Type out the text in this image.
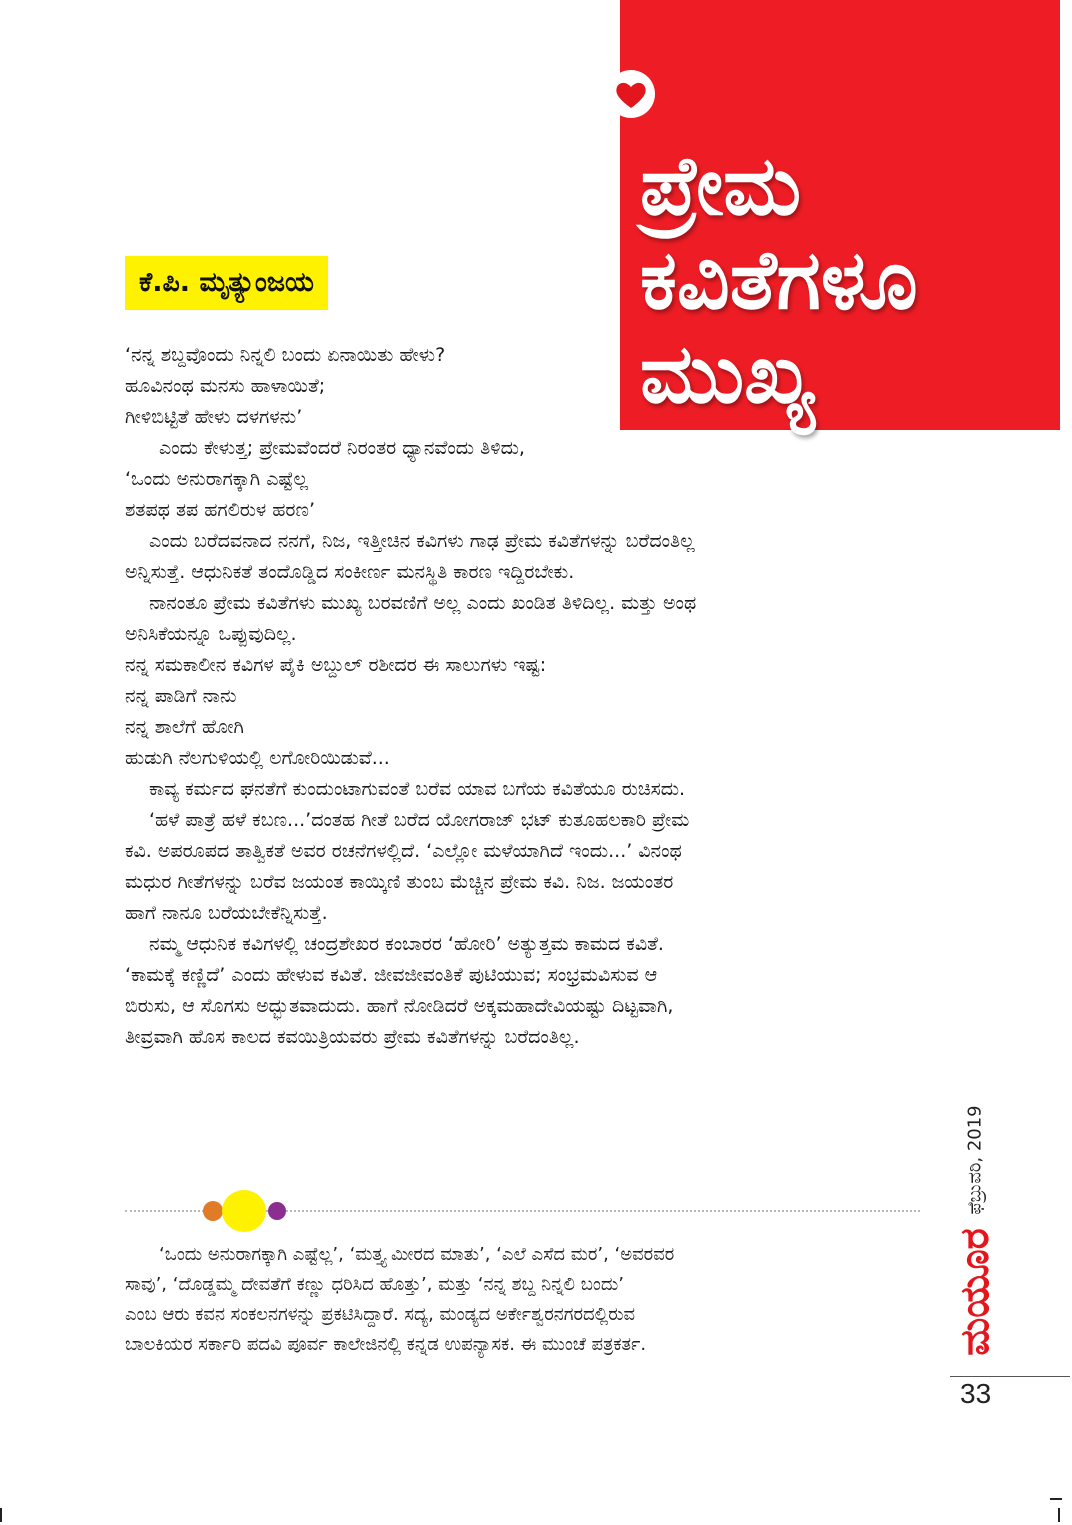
ಪ್ರೇಮ
ಕವಿತೆಗಳೂ
ಮುಖ್ಯ
ಕೆ.ಪಿ. ಮೃತ್ಯುಂಜಯ
‘ನನ್ನ ಶಬ್ದವೊಂದು ನಿನ್ನಲಿ ಬಂದು ಏನಾಯಿತು ಹೇಳು?
ಹೂವಿನಂಥ ಮನಸು ಹಾಳಾಯಿತೆ;
ಗೀಳಿಬಿಟ್ಟಿತೆ ಹೇಳು ದಳಗಳನು’
ಎಂದು ಕೇಳುತ್ತ; ಪ್ರೇಮವೆಂದರೆ ನಿರಂತರ ಧ್ಯಾನವೆಂದು ತಿಳಿದು,
‘ಒಂದು ಅನುರಾಗಕ್ಕಾಗಿ ಎಷ್ಟೆಲ್ಲ
ಶತಪಥ ತಪ ಹಗಲಿರುಳ ಹರಣ’
ಎಂದು ಬರೆದವನಾದ ನನಗೆ, ನಿಜ, ಇತ್ತೀಚಿನ ಕವಿಗಳು ಗಾಢ ಪ್ರೇಮ ಕವಿತೆಗಳನ್ನು ಬರೆದಂತಿಲ್ಲ
ಅನ್ನಿಸುತ್ತೆ. ಆಧುನಿಕತೆ ತಂದೊಡ್ಡಿದ ಸಂಕೀರ್ಣ ಮನಸ್ಥಿತಿ ಕಾರಣ ಇದ್ದಿರಬೇಕು.
ನಾನಂತೂ ಪ್ರೇಮ ಕವಿತೆಗಳು ಮುಖ್ಯ ಬರವಣಿಗೆ ಅಲ್ಲ ಎಂದು ಖಂಡಿತ ತಿಳಿದಿಲ್ಲ. ಮತ್ತು ಅಂಥ
ಅನಿಸಿಕೆಯನ್ನೂ ಒಪ್ಪುವುದಿಲ್ಲ.
ನನ್ನ ಸಮಕಾಲೀನ ಕವಿಗಳ ಪೈಕಿ ಅಬ್ದುಲ್ ರಶೀದರ ಈ ಸಾಲುಗಳು ಇಷ್ಟ:
ನನ್ನ ಪಾಡಿಗೆ ನಾನು
ನನ್ನ ಶಾಲೆಗೆ ಹೋಗಿ
ಹುಡುಗಿ ನೆಲಗುಳಿಯಲ್ಲಿ ಲಗೋರಿಯಿಡುವೆ...
ಕಾವ್ಯ ಕರ್ಮದ ಘನತೆಗೆ ಕುಂದುಂಟಾಗುವಂತೆ ಬರೆವ ಯಾವ ಬಗೆಯ ಕವಿತೆಯೂ ರುಚಿಸದು.
‘ಹಳೆ ಪಾತ್ರೆ ಹಳೆ ಕಬಣ...’ದಂತಹ ಗೀತೆ ಬರೆದ ಯೋಗರಾಜ್ ಭಟ್ ಕುತೂಹಲಕಾರಿ ಪ್ರೇಮ
ಕವಿ. ಅಪರೂಪದ ತಾತ್ವಿಕತೆ ಅವರ ರಚನೆಗಳಲ್ಲಿದೆ. ‘ಎಲ್ಲೋ ಮಳೆಯಾಗಿದೆ ಇಂದು...’ ವಿನಂಥ
ಮಧುರ ಗೀತೆಗಳನ್ನು ಬರೆವ ಜಯಂತ ಕಾಯ್ಕಿಣಿ ತುಂಬ ಮೆಚ್ಚಿನ ಪ್ರೇಮ ಕವಿ. ನಿಜ. ಜಯಂತರ
ಹಾಗೆ ನಾನೂ ಬರೆಯಬೇಕೆನ್ನಿಸುತ್ತೆ.
ನಮ್ಮ ಆಧುನಿಕ ಕವಿಗಳಲ್ಲಿ ಚಂದ್ರಶೇಖರ ಕಂಬಾರರ ‘ಹೋರಿ’ ಅತ್ಯುತ್ತಮ ಕಾಮದ ಕವಿತೆ.
‘ಕಾಮಕ್ಕೆ ಕಣ್ಣಿದೆ’ ಎಂದು ಹೇಳುವ ಕವಿತೆ. ಜೀವಜೀವಂತಿಕೆ ಪುಟಿಯುವ; ಸಂಭ್ರಮವಿಸುವ ಆ
ಬಿರುಸು, ಆ ಸೊಗಸು ಅದ್ಭುತವಾದುದು. ಹಾಗೆ ನೋಡಿದರೆ ಅಕ್ಕಮಹಾದೇವಿಯಷ್ಟು ದಿಟ್ಟವಾಗಿ,
ತೀವ್ರವಾಗಿ ಹೊಸ ಕಾಲದ ಕವಯಿತ್ರಿಯವರು ಪ್ರೇಮ ಕವಿತೆಗಳನ್ನು ಬರೆದಂತಿಲ್ಲ.
‘ಒಂದು ಅನುರಾಗಕ್ಕಾಗಿ ಎಷ್ಟೆಲ್ಲ’, ‘ಮತ್ತ್ಯ ಮೀರದ ಮಾತು’, ‘ಎಲೆ ಎಸೆದ ಮರ’, ‘ಅವರವರ
ಸಾವು’, ‘ದೊಡ್ಡಮ್ಮ ದೇವತೆಗೆ ಕಣ್ಣು ಧರಿಸಿದ ಹೊತ್ತು’, ಮತ್ತು ‘ನನ್ನ ಶಬ್ದ ನಿನ್ನಲಿ ಬಂದು’
ಎಂಬ ಆರು ಕವನ ಸಂಕಲನಗಳನ್ನು ಪ್ರಕಟಿಸಿದ್ದಾರೆ. ಸದ್ಯ, ಮಂಡ್ಯದ ಅರ್ಕೇಶ್ವರನಗರದಲ್ಲಿರುವ
ಬಾಲಕಿಯರ ಸರ್ಕಾರಿ ಪದವಿ ಪೂರ್ವ ಕಾಲೇಜಿನಲ್ಲಿ ಕನ್ನಡ ಉಪನ್ಯಾಸಕ. ಈ ಮುಂಚೆ ಪತ್ರಕರ್ತ.
ಫೆಬ್ರುವರಿ, 2019
ಮಯೂರ
33
